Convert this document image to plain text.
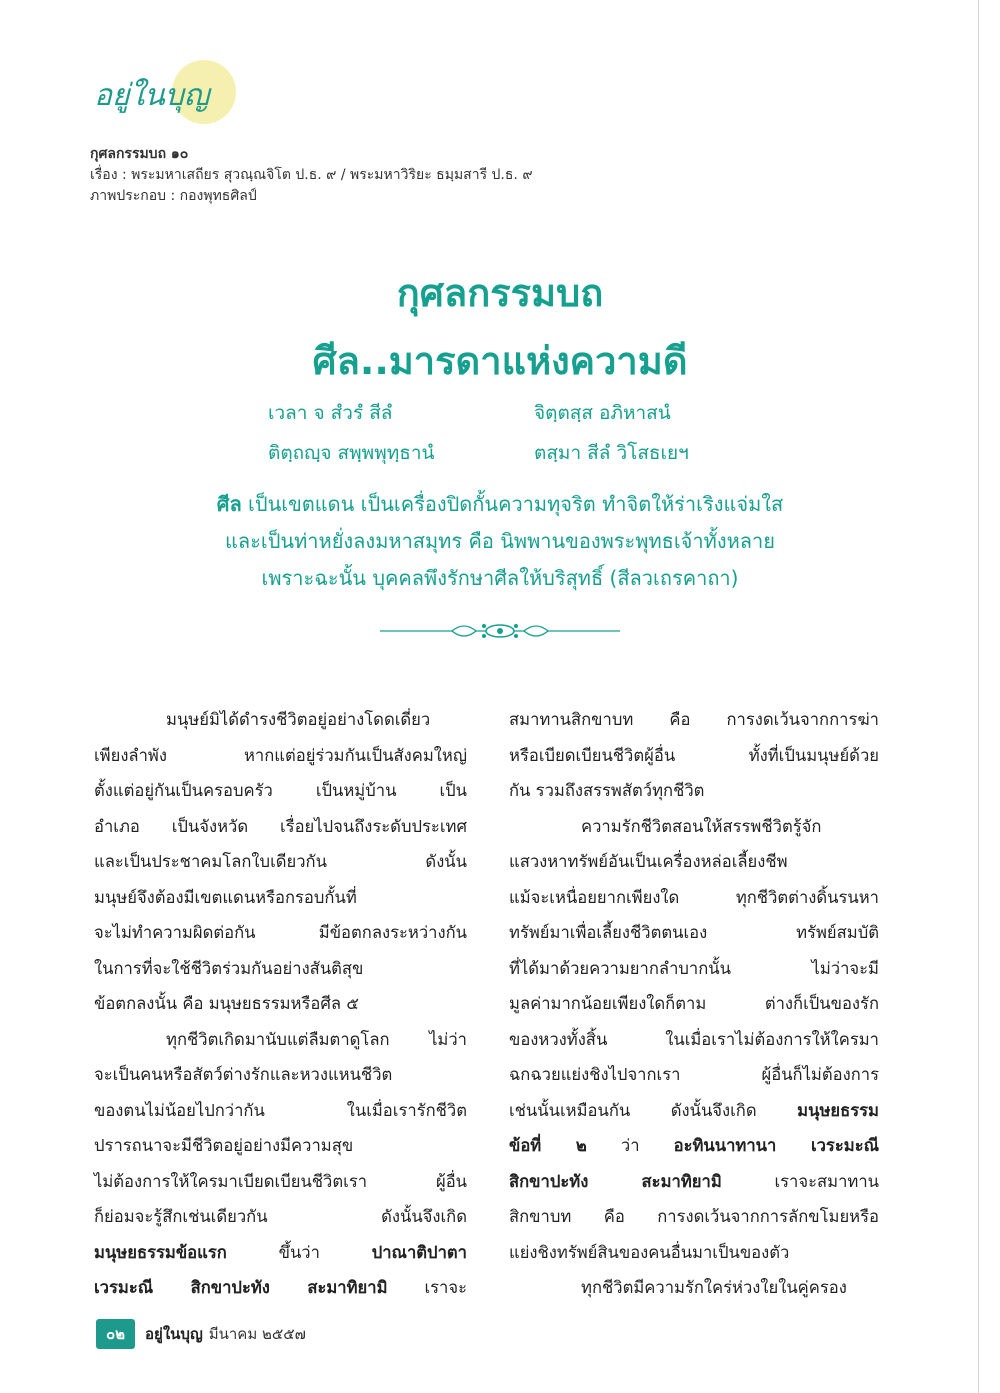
อยู่ในบุญ
กุศลกรรมบถ ๑๐
เรื่อง : พระมหาเสถียร สุวณฺณจิโต ป.ธ. ๙ / พระมหาวิริยะ ธมฺมสารี ป.ธ. ๙
ภาพประกอบ : กองพุทธศิลป์
กุศลกรรมบถ
ศีล..มารดาแห่งความดี
เวลา จ สํวรํ สีลํ	จิตฺตสฺส อภิหาสนํ
ติตฺถญฺจ สพฺพพุทฺธานํ	ตสฺมา สีลํ วิโสธเยฯ
ศีล เป็นเขตแดน เป็นเครื่องปิดกั้นความทุจริต ทำจิตให้ร่าเริงแจ่มใส
และเป็นท่าหยั่งลงมหาสมุทร คือ นิพพานของพระพุทธเจ้าทั้งหลาย
เพราะฉะนั้น บุคคลพึงรักษาศีลให้บริสุทธิ์ (สีลวเถรคาถา)

มนุษย์มิได้ดำรงชีวิตอยู่อย่างโดดเดี่ยว

เพียงลำพัง หากแต่อยู่ร่วมกันเป็นสังคมใหญ่

ตั้งแต่อยู่กันเป็นครอบครัว เป็นหมู่บ้าน เป็น

อำเภอ เป็นจังหวัด เรื่อยไปจนถึงระดับประเทศ

และเป็นประชาคมโลกใบเดียวกัน ดังนั้น

มนุษย์จึงต้องมีเขตแดนหรือกรอบกั้นที่

จะไม่ทำความผิดต่อกัน มีข้อตกลงระหว่างกัน

ในการที่จะใช้ชีวิตร่วมกันอย่างสันติสุข

ข้อตกลงนั้น คือ มนุษยธรรมหรือศีล ๕

ทุกชีวิตเกิดมานับแต่ลืมตาดูโลก ไม่ว่า

จะเป็นคนหรือสัตว์ต่างรักและหวงแหนชีวิต

ของตนไม่น้อยไปกว่ากัน ในเมื่อเรารักชีวิต

ปรารถนาจะมีชีวิตอยู่อย่างมีความสุข

ไม่ต้องการให้ใครมาเบียดเบียนชีวิตเรา ผู้อื่น

ก็ย่อมจะรู้สึกเช่นเดียวกัน ดังนั้นจึงเกิด

มนุษยธรรมข้อแรก ขึ้นว่า ปาณาติปาตา

เวรมะณี สิกขาปะทัง สะมาทิยามิ เราจะ

สมาทานสิกขาบท คือ การงดเว้นจากการฆ่า

หรือเบียดเบียนชีวิตผู้อื่น ทั้งที่เป็นมนุษย์ด้วย

กัน รวมถึงสรรพสัตว์ทุกชีวิต

ความรักชีวิตสอนให้สรรพชีวิตรู้จัก

แสวงหาทรัพย์อันเป็นเครื่องหล่อเลี้ยงชีพ

แม้จะเหนื่อยยากเพียงใด ทุกชีวิตต่างดิ้นรนหา

ทรัพย์มาเพื่อเลี้ยงชีวิตตนเอง ทรัพย์สมบัติ

ที่ได้มาด้วยความยากลำบากนั้น ไม่ว่าจะมี

มูลค่ามากน้อยเพียงใดก็ตาม ต่างก็เป็นของรัก

ของหวงทั้งสิ้น ในเมื่อเราไม่ต้องการให้ใครมา

ฉกฉวยแย่งชิงไปจากเรา ผู้อื่นก็ไม่ต้องการ

เช่นนั้นเหมือนกัน ดังนั้นจึงเกิด มนุษยธรรม

ข้อที่ ๒ ว่า อะทินนาทานา เวระมะณี

สิกขาปะทัง สะมาทิยามิ เราจะสมาทาน

สิกขาบท คือ การงดเว้นจากการลักขโมยหรือ

แย่งชิงทรัพย์สินของคนอื่นมาเป็นของตัว

ทุกชีวิตมีความรักใคร่ห่วงใยในคู่ครอง

๐๒	อยู่ในบุญ มีนาคม ๒๕๕๗
